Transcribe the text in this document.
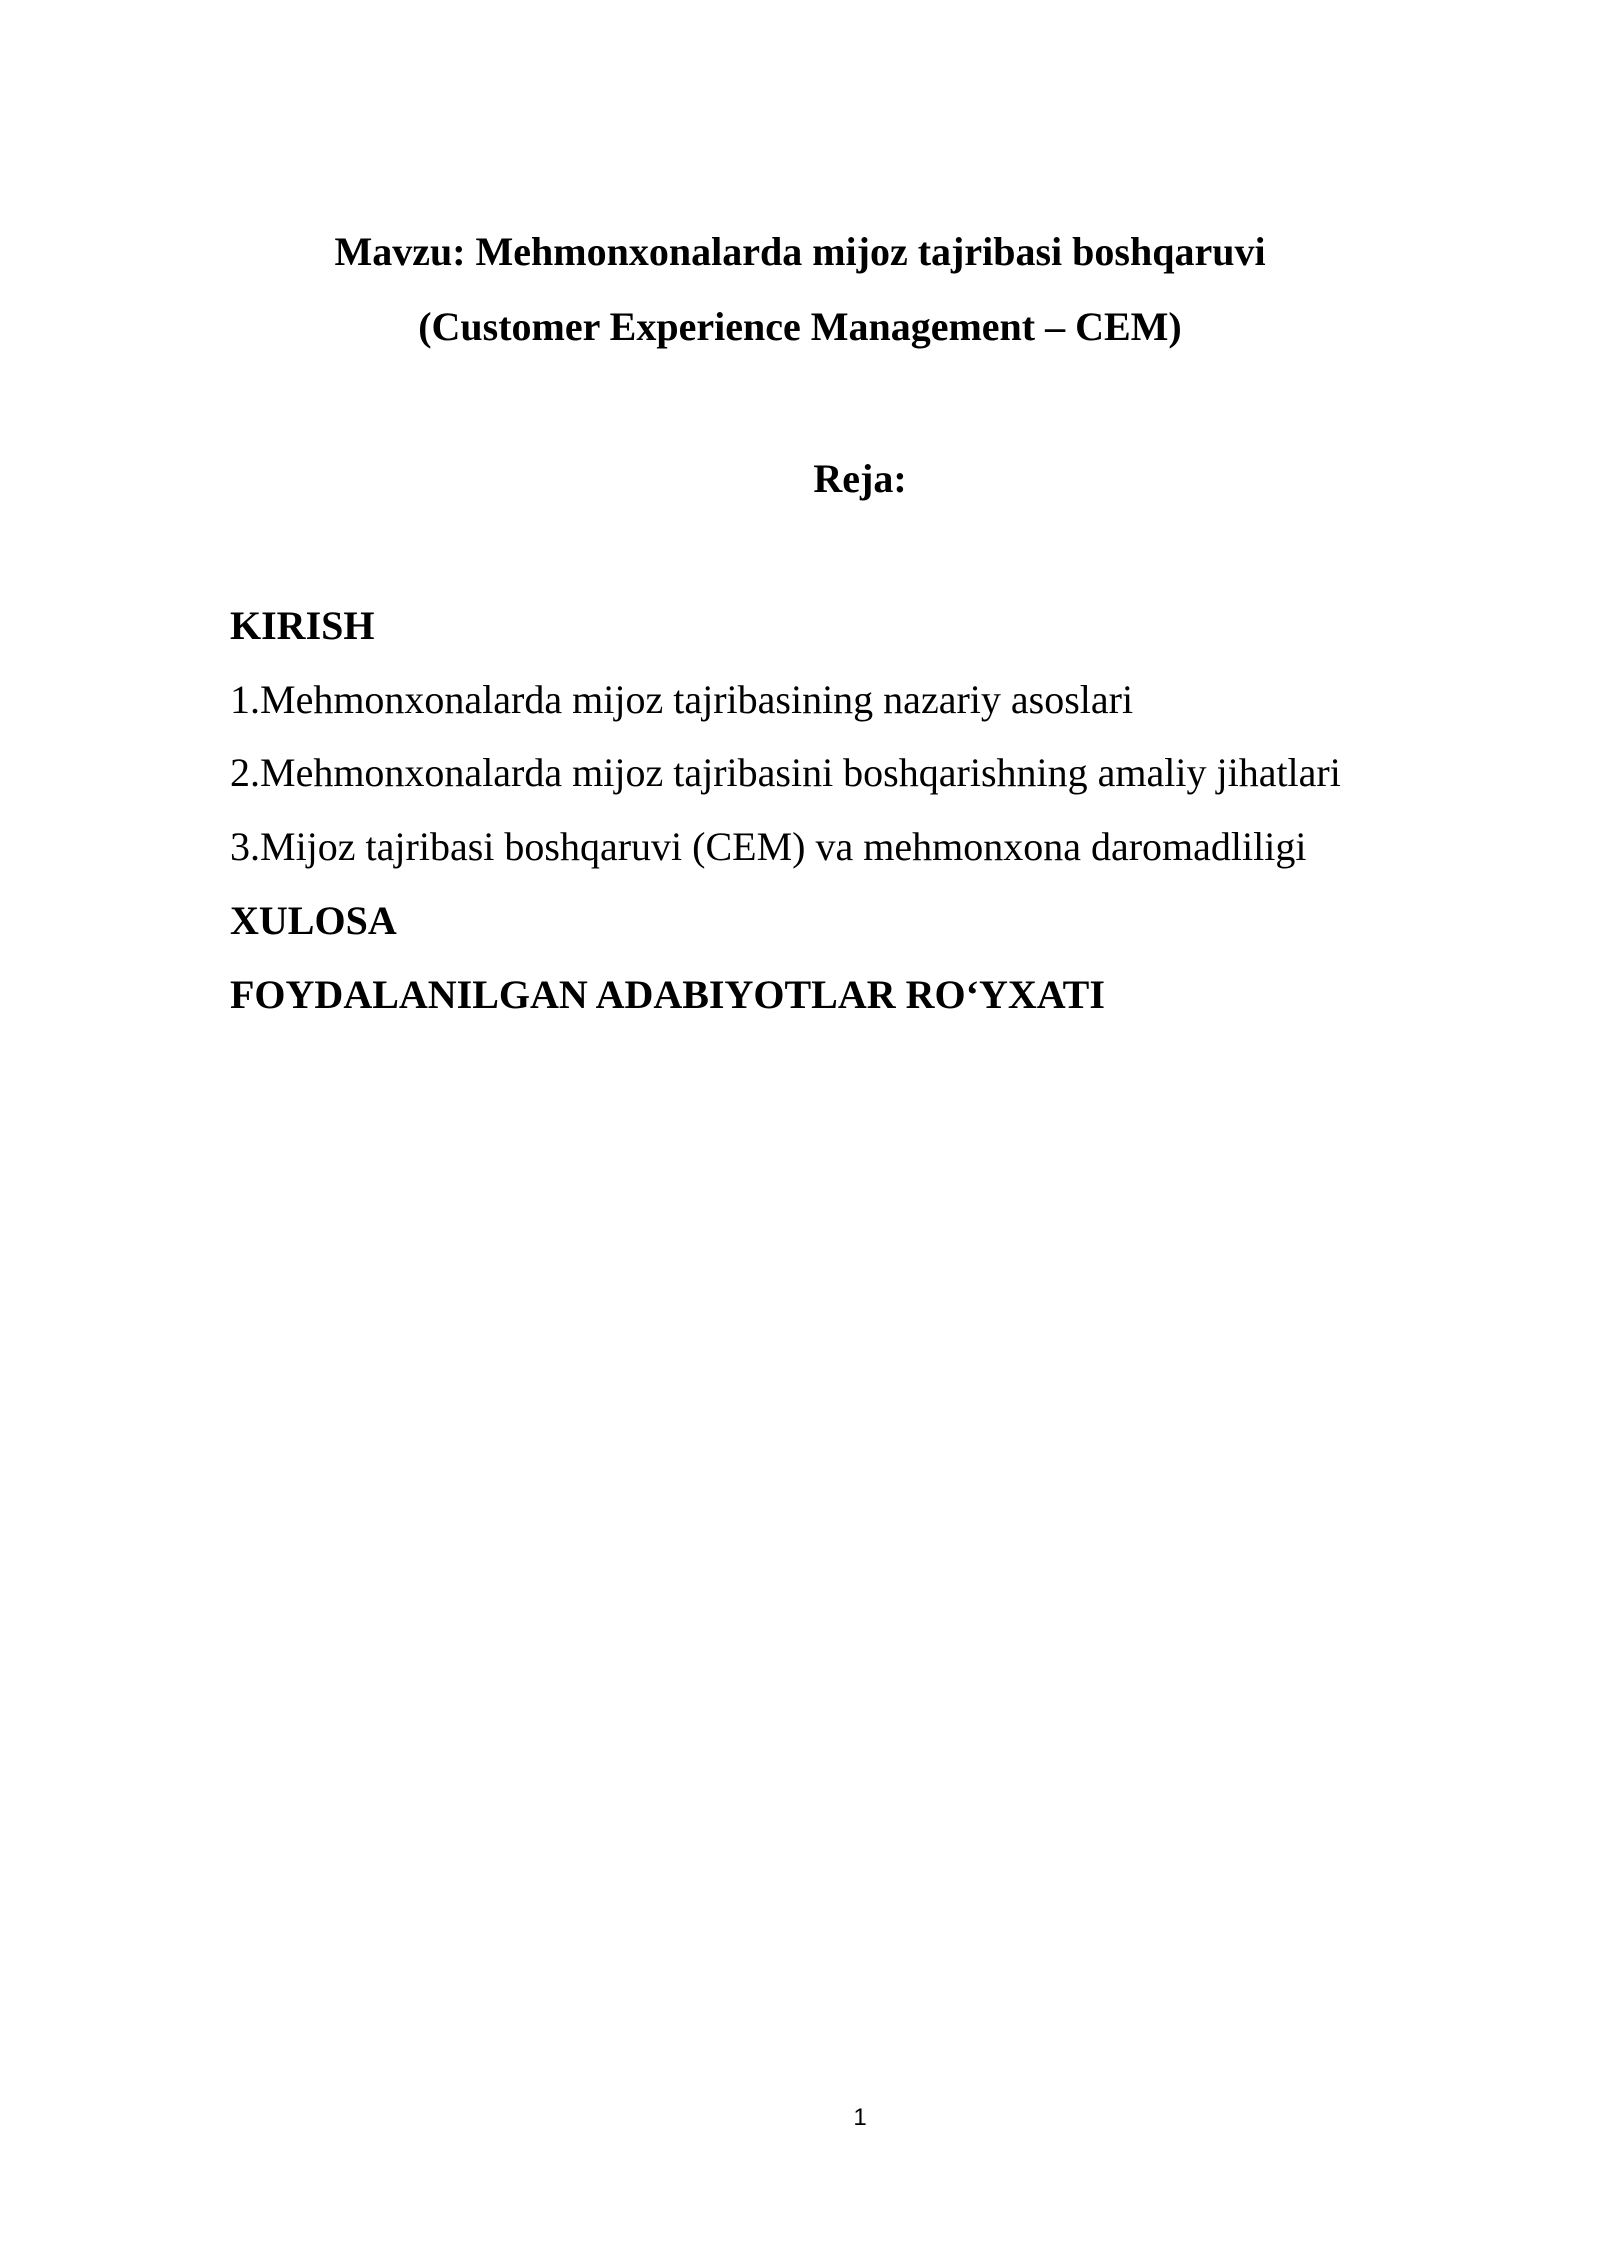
Mavzu: Mehmonxonalarda mijoz tajribasi boshqaruvi
(Customer Experience Management – CEM)
Reja:
KIRISH
1.Mehmonxonalarda mijoz tajribasining nazariy asoslari
2.Mehmonxonalarda mijoz tajribasini boshqarishning amaliy jihatlari
3.Mijoz tajribasi boshqaruvi (CEM) va mehmonxona daromadliligi
XULOSA
FOYDALANILGAN ADABIYOTLAR RO‘YXATI
1
